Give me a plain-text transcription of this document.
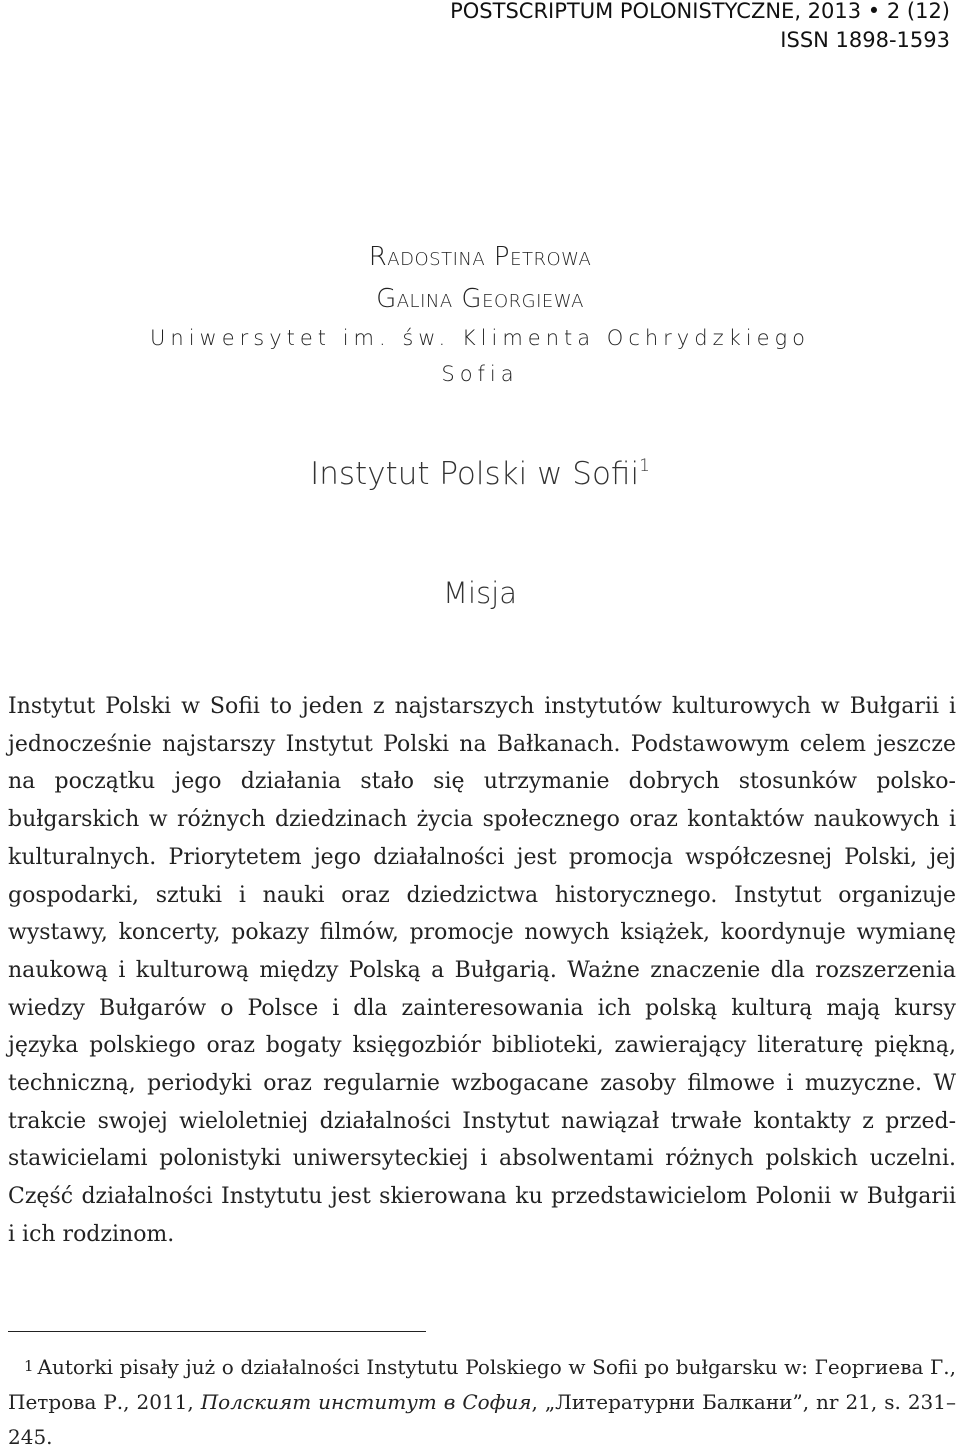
POSTSCRIPTUM POLONISTYCZNE, 2013 • 2 (12)
ISSN 1898-1593
Radostina Petrowa
Galina Georgiewa
Uniwersytet im. św. Klimenta Ochrydzkiego
Sofia
Instytut Polski w Sofii$^1$
Misja

Instytut Polski w Sofii to jeden z najstarszych instytutów kulturowych w Bułgarii i jednocześnie najstarszy Instytut Polski na Bałkanach. Podstawowym celem jeszcze na początku jego działania stało się utrzymanie dobrych stosunków polsko-bułgarskich w różnych dziedzinach życia społecznego oraz kontaktów naukowych i kulturalnych. Priorytetem jego działalności jest promocja współczesnej Polski, jej gospodarki, sztuki i nauki oraz dziedzictwa historycznego. Instytut organizuje wystawy, koncerty, pokazy filmów, promocje nowych książek, koordynuje wymianę naukową i kulturową między Polską a Bułgarią. Ważne znaczenie dla rozszerzenia wiedzy Bułgarów o Polsce i dla zainteresowania ich polską kulturą mają kursy języka polskiego oraz bogaty księgozbiór biblioteki, zawierający literaturę piękną, techniczną, periodyki oraz regularnie wzbogacane zasoby filmowe i muzyczne. W trakcie swojej wieloletniej działalności Instytut nawiązał trwałe kontakty z przedstawicielami polonistyki uniwersyteckiej i absolwentami różnych polskich uczelni. Część działalności Instytutu jest skierowana ku przedstawicielom Polonii w Bułgarii i ich rodzinom.

1 Autorki pisały już o działalności Instytutu Polskiego w Sofii po bułgarsku w: Георгиева Г., Петрова Р., 2011, Полският институт в София, „Литературни Балкани”, nr 21, s. 231–245.
